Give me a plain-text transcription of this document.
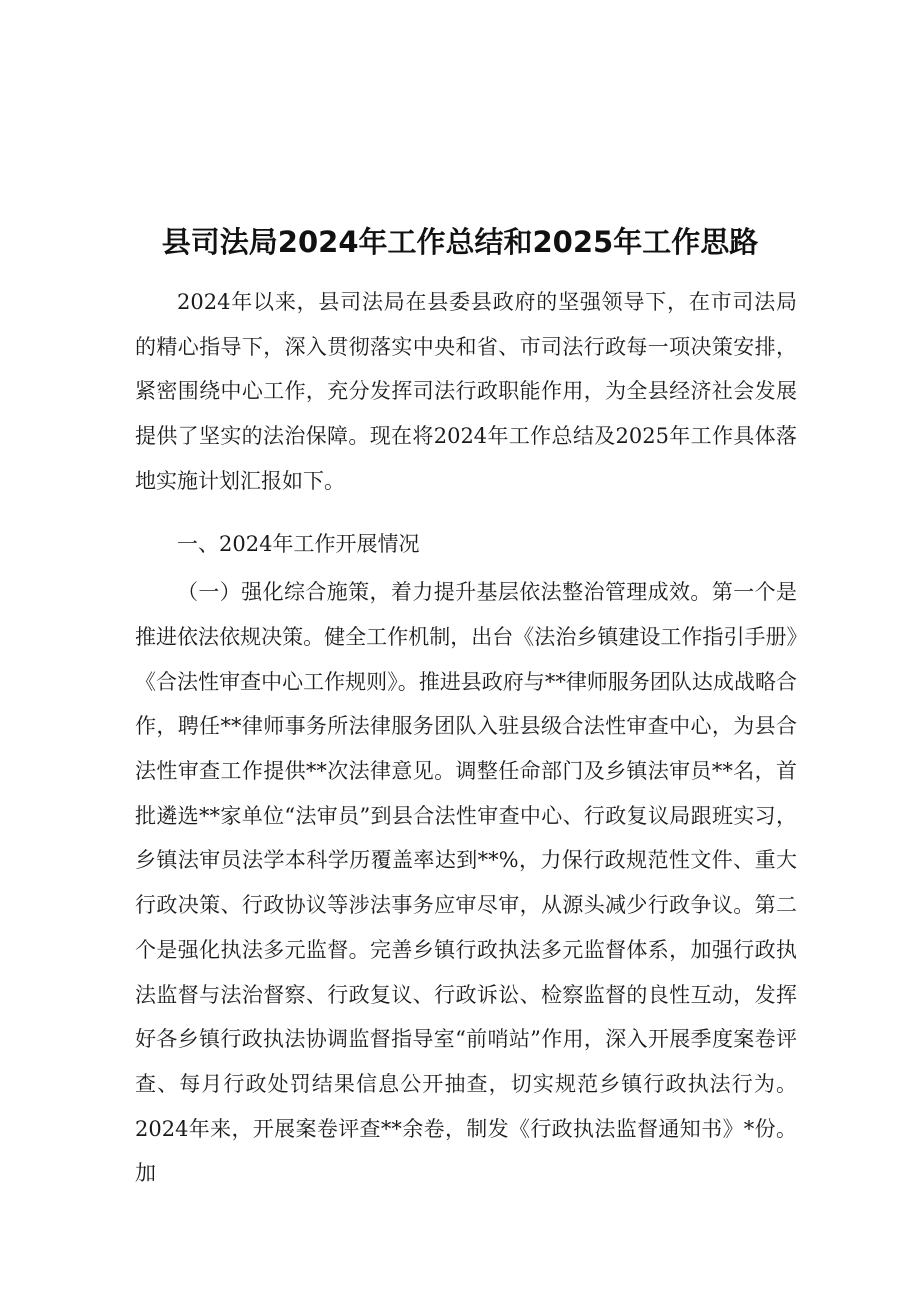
县司法局2024年工作总结和2025年工作思路

2024年以来，县司法局在县委县政府的坚强领导下，在市司法局的精心指导下，深入贯彻落实中央和省、市司法行政每一项决策安排，紧密围绕中心工作，充分发挥司法行政职能作用，为全县经济社会发展提供了坚实的法治保障。现在将2024年工作总结及2025年工作具体落地实施计划汇报如下。

一、2024年工作开展情况

（一）强化综合施策，着力提升基层依法整治管理成效。第一个是推进依法依规决策。健全工作机制，出台《法治乡镇建设工作指引手册》《合法性审查中心工作规则》。推进县政府与**律师服务团队达成战略合作，聘任**律师事务所法律服务团队入驻县级合法性审查中心，为县合法性审查工作提供**次法律意见。调整任命部门及乡镇法审员**名，首批遴选**家单位“法审员”到县合法性审查中心、行政复议局跟班实习，乡镇法审员法学本科学历覆盖率达到**%，力保行政规范性文件、重大行政决策、行政协议等涉法事务应审尽审，从源头减少行政争议。第二个是强化执法多元监督。完善乡镇行政执法多元监督体系，加强行政执法监督与法治督察、行政复议、行政诉讼、检察监督的良性互动，发挥好各乡镇行政执法协调监督指导室“前哨站”作用，深入开展季度案卷评查、每月行政处罚结果信息公开抽查，切实规范乡镇行政执法行为。2024年来，开展案卷评查**余卷，制发《行政执法监督通知书》*份。加
